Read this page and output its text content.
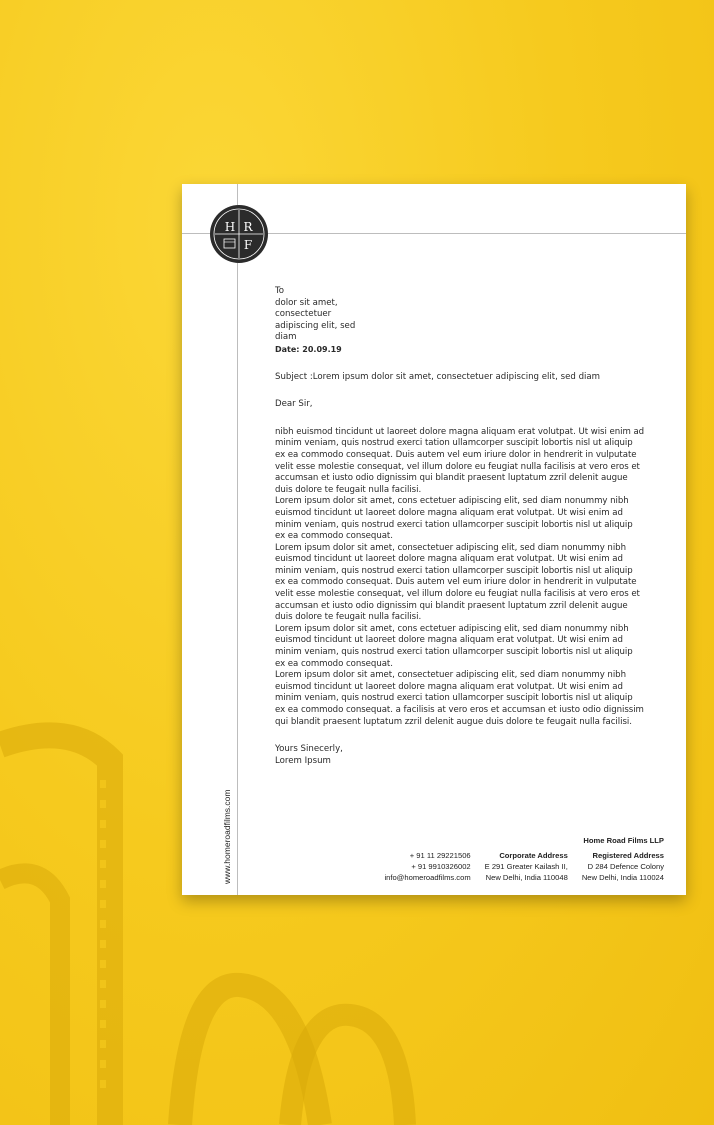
H R
F
www.homeroadfilms.com
To
dolor sit amet,
consectetuer
adipiscing elit, sed
diam
Date: 20.09.19
Subject :Lorem ipsum dolor sit amet, consectetuer adipiscing elit, sed diam
Dear Sir,

nibh euismod tincidunt ut laoreet dolore magna aliquam erat volutpat. Ut wisi enim ad minim veniam, quis nostrud exerci tation ullamcorper suscipit lobortis nisl ut aliquip ex ea commodo consequat. Duis autem vel eum iriure dolor in hendrerit in vulputate velit esse molestie consequat, vel illum dolore eu feugiat nulla facilisis at vero eros et accumsan et iusto odio dignissim qui blandit praesent luptatum zzril delenit augue duis dolore te feugait nulla facilisi.

Lorem ipsum dolor sit amet, cons ectetuer adipiscing elit, sed diam nonummy nibh euismod tincidunt ut laoreet dolore magna aliquam erat volutpat. Ut wisi enim ad minim veniam, quis nostrud exerci tation ullamcorper suscipit lobortis nisl ut aliquip ex ea commodo consequat.

Lorem ipsum dolor sit amet, consectetuer adipiscing elit, sed diam nonummy nibh euismod tincidunt ut laoreet dolore magna aliquam erat volutpat. Ut wisi enim ad minim veniam, quis nostrud exerci tation ullamcorper suscipit lobortis nisl ut aliquip ex ea commodo consequat. Duis autem vel eum iriure dolor in hendrerit in vulputate velit esse molestie consequat, vel illum dolore eu feugiat nulla facilisis at vero eros et accumsan et iusto odio dignissim qui blandit praesent luptatum zzril delenit augue duis dolore te feugait nulla facilisi.

Lorem ipsum dolor sit amet, cons ectetuer adipiscing elit, sed diam nonummy nibh euismod tincidunt ut laoreet dolore magna aliquam erat volutpat. Ut wisi enim ad minim veniam, quis nostrud exerci tation ullamcorper suscipit lobortis nisl ut aliquip ex ea commodo consequat.

Lorem ipsum dolor sit amet, consectetuer adipiscing elit, sed diam nonummy nibh euismod tincidunt ut laoreet dolore magna aliquam erat volutpat. Ut wisi enim ad minim veniam, quis nostrud exerci tation ullamcorper suscipit lobortis nisl ut aliquip ex ea commodo consequat. a facilisis at vero eros et accumsan et iusto odio dignissim qui blandit praesent luptatum zzril delenit augue duis dolore te feugait nulla facilisi.

Yours Sinecerly,
Lorem Ipsum
Home Road Films LLP
+ 91 11 29221506
+ 91 9910326002
info@homeroadfilms.com
Corporate Address
E 291 Greater Kailash II,
New Delhi, India 110048
Registered Address
D 284 Defence Colony
New Delhi, India 110024
